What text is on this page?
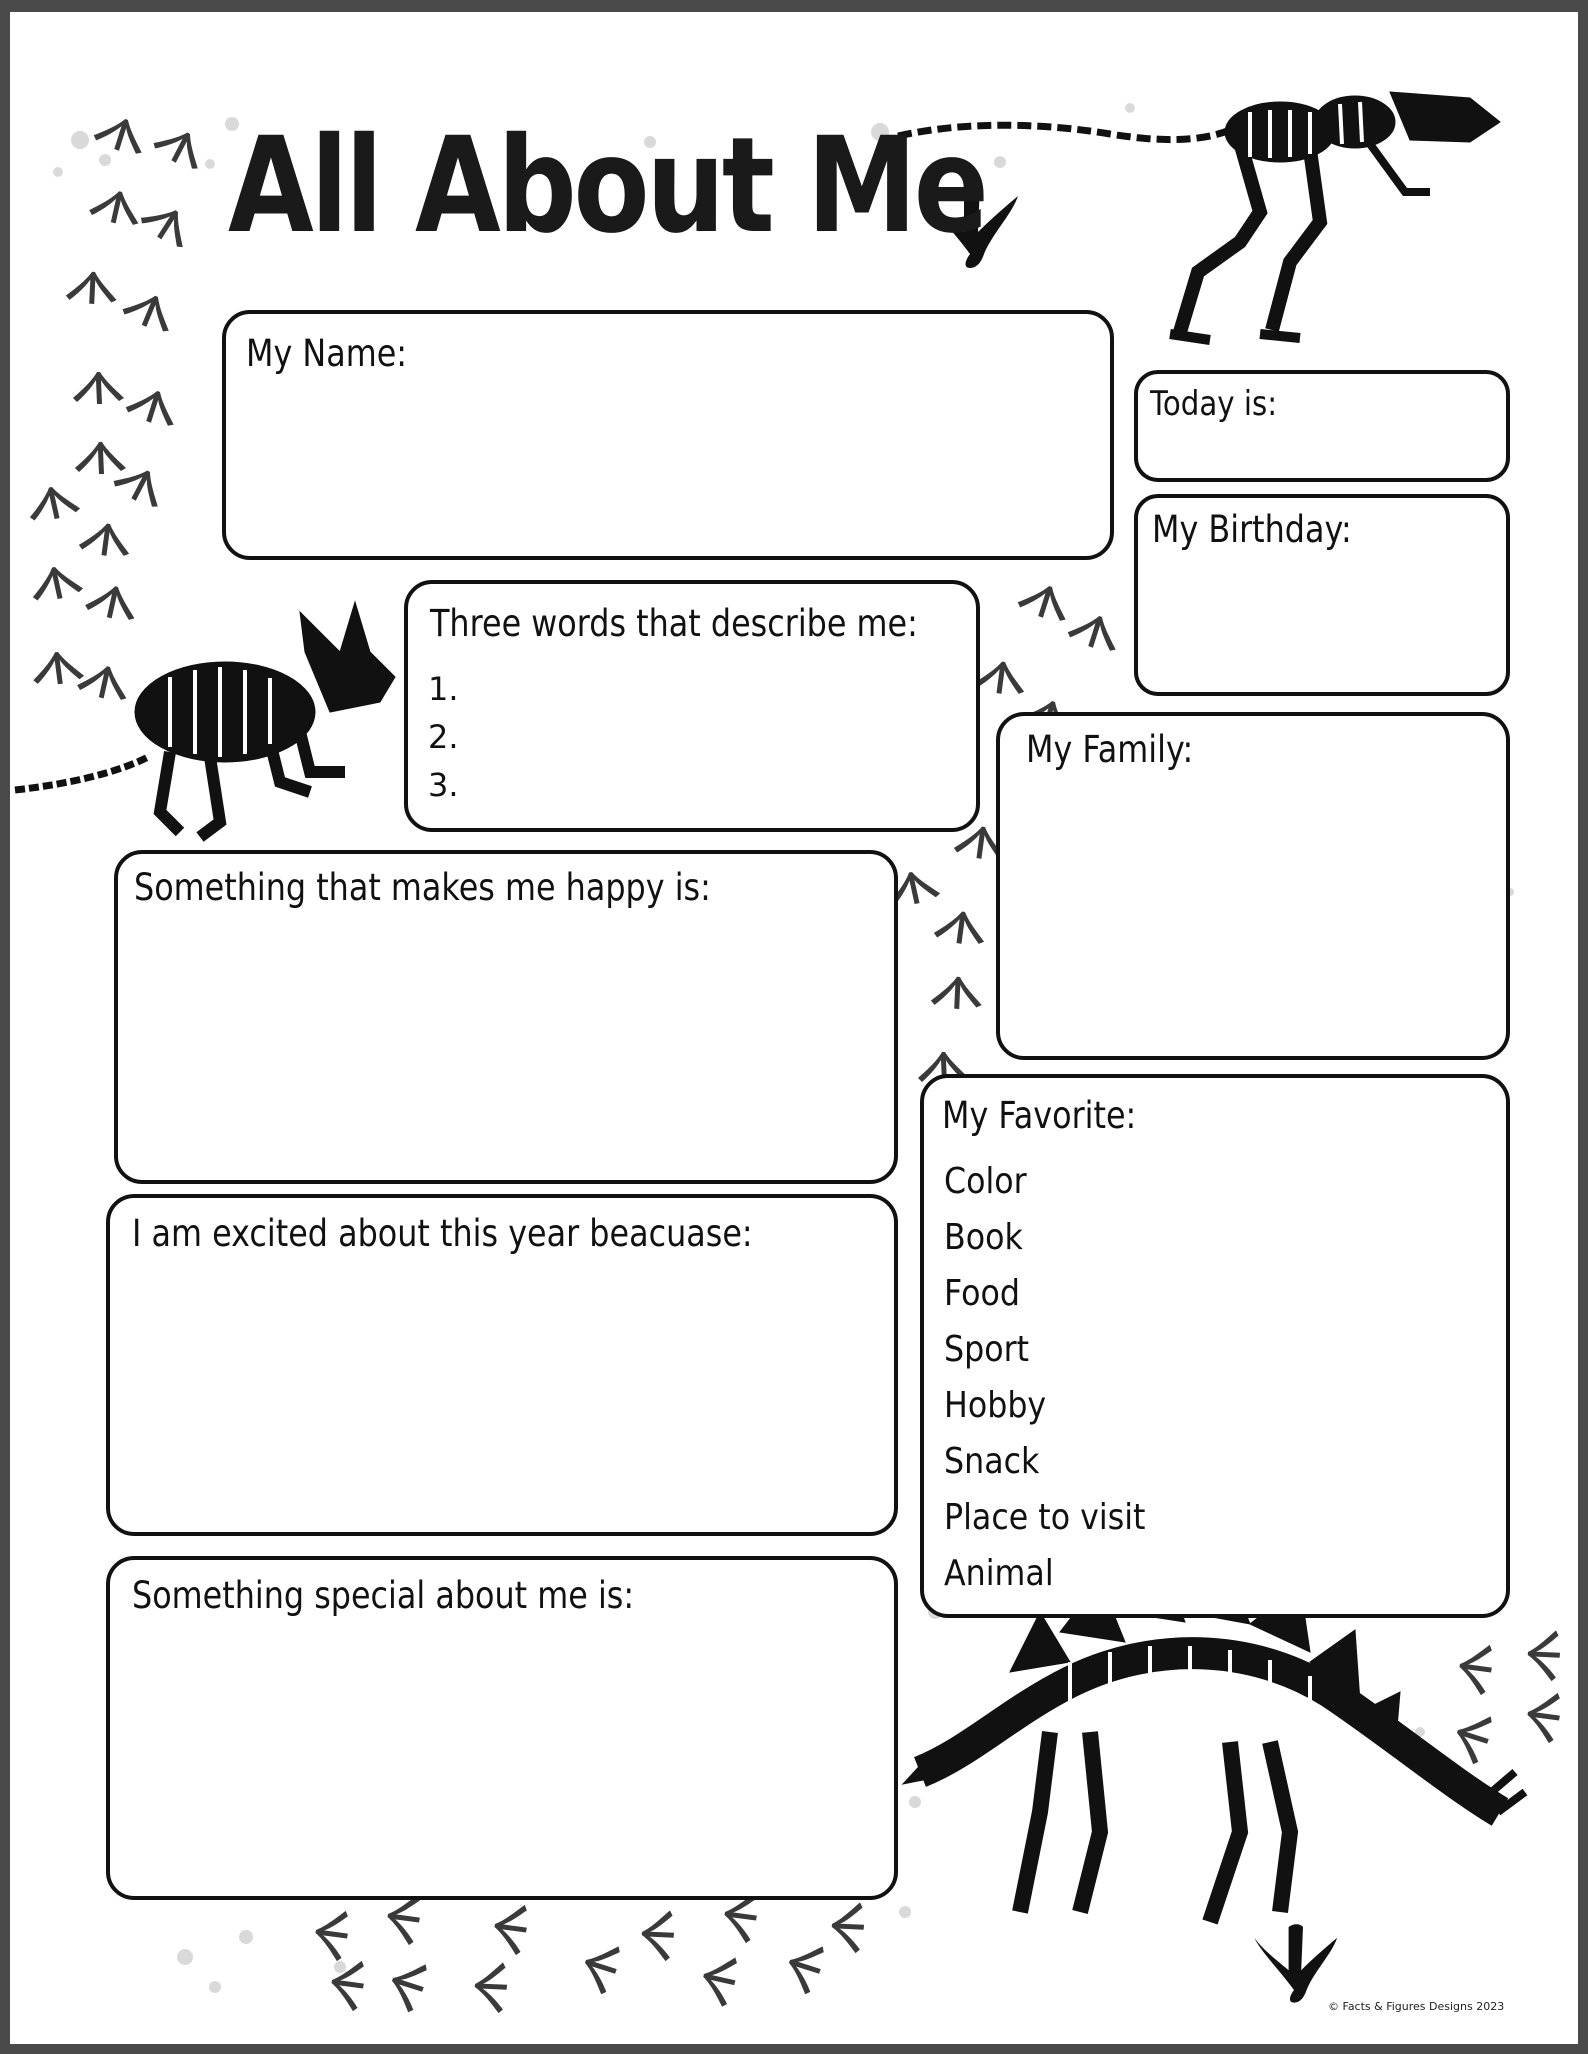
All About Me
My Name:
Today is:
My Birthday:
Three words that describe me:
1.
2.
3.
My Family:
Something that makes me happy is:
My Favorite:
Color
Book
Food
Sport
Hobby
Snack
Place to visit
Animal
I am excited about this year beacuase:
Something special about me is:
© Facts & Figures Designs 2023
